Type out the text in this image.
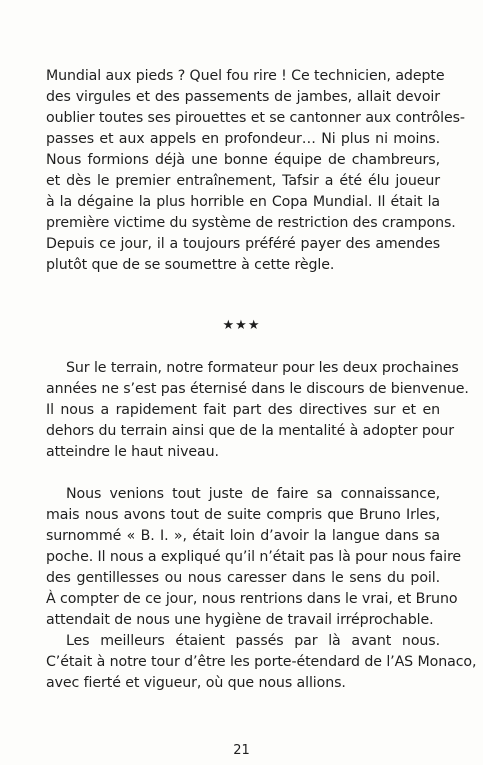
Mundial aux pieds ? Quel fou rire ! Ce technicien, adepte
des virgules et des passements de jambes, allait devoir
oublier toutes ses pirouettes et se cantonner aux contrôles-
passes et aux appels en profondeur… Ni plus ni moins.
Nous formions déjà une bonne équipe de chambreurs,
et dès le premier entraînement, Tafsir a été élu joueur
à la dégaine la plus horrible en Copa Mundial. Il était la
première victime du système de restriction des crampons.
Depuis ce jour, il a toujours préféré payer des amendes
plutôt que de se soumettre à cette règle.
★★★
Sur le terrain, notre formateur pour les deux prochaines
années ne s’est pas éternisé dans le discours de bienvenue.
Il nous a rapidement fait part des directives sur et en
dehors du terrain ainsi que de la mentalité à adopter pour
atteindre le haut niveau.
Nous venions tout juste de faire sa connaissance,
mais nous avons tout de suite compris que Bruno Irles,
surnommé « B. I. », était loin d’avoir la langue dans sa
poche. Il nous a expliqué qu’il n’était pas là pour nous faire
des gentillesses ou nous caresser dans le sens du poil.
À compter de ce jour, nous rentrions dans le vrai, et Bruno
attendait de nous une hygiène de travail irréprochable.
Les meilleurs étaient passés par là avant nous.
C’était à notre tour d’être les porte-étendard de l’AS Monaco,
avec fierté et vigueur, où que nous allions.
21
